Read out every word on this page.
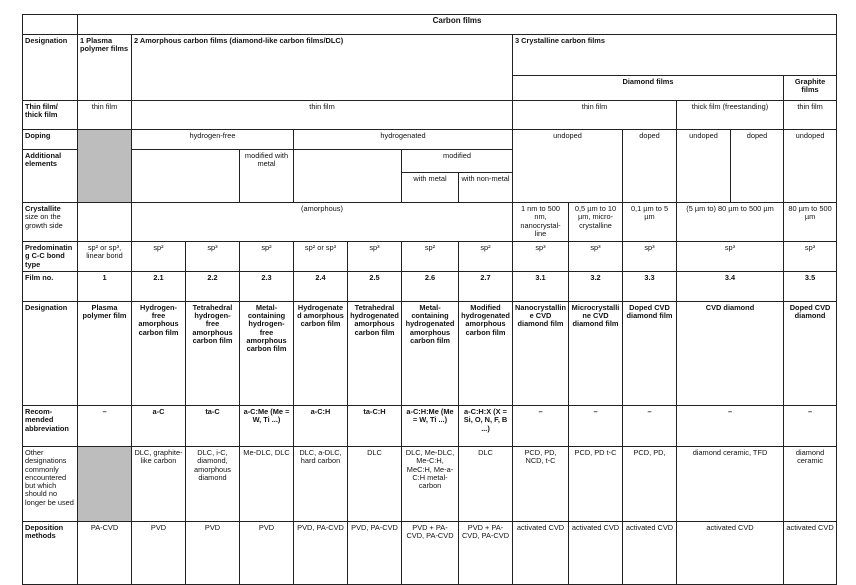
	Carbon films														
Designation	1 Plasma polymer films	2 Amorphous carbon films (diamond-like carbon films/DLC)							3 Crystalline carbon films						
									Diamond films					Graphite films	
Thin film/ thick film	thin film	thin film							thin film			thick film (freestanding)		thin film	
Doping		hydrogen-free			hydrogenated				undoped		doped	undoped	doped	undoped	
Additional elements				modified with metal			modified								
							with metal	with non-metal							
Crystallite size on the growth side		(amorphous)							1 nm to 500 nm, nanocrystal-line	0,5 µm to 10 µm, micro-crystalline	0,1 µm to 5 µm	(5 µm to) 80 µm to 500 µm		80 µm to 500 µm	
Predominating C-C bond type	sp² or sp³, linear bond	sp²	sp³	sp²	sp² or sp³	sp³	sp²	sp²	sp³	sp³	sp³	sp³		sp³	
Film no.	1	2.1	2.2	2.3	2.4	2.5	2.6	2.7	3.1	3.2	3.3	3.4		3.5	
Designation	Plasma polymer film	Hydrogen-free amorphous carbon film	Tetrahedral hydrogen-free amorphous carbon film	Metal-containing hydrogen-free amorphous carbon film	Hydrogenated amorphous carbon film	Tetrahedral hydrogenated amorphous carbon film	Metal-containing hydrogenated amorphous carbon film	Modified hydrogenated amorphous carbon film	Nanocrystalline CVD diamond film	Microcrystalline CVD diamond film	Doped CVD diamond film	CVD diamond		Doped CVD diamond	
Recom-mended abbreviation	–	a-C	ta-C	a-C:Me (Me = W, Ti ...)	a-C:H	ta-C:H	a-C:H:Me (Me = W, Ti ...)	a-C:H:X (X = Si, O, N, F, B ...)	–	–	–	–		–	
Other designations commonly encountered but which should no longer be used		DLC, graphite-like carbon	DLC, i-C, diamond, amorphous diamond	Me-DLC, DLC	DLC, a-DLC, hard carbon	DLC	DLC, Me-DLC, Me-C:H, MeC:H, Me-a-C:H metal-carbon	DLC	PCD, PD, NCD, t-C	PCD, PD t-C	PCD, PD,	diamond ceramic, TFD		diamond ceramic	
Deposition methods	PA-CVD	PVD	PVD	PVD	PVD, PA-CVD	PVD, PA-CVD	PVD + PA-CVD, PA-CVD	PVD + PA-CVD, PA-CVD	activated CVD	activated CVD	activated CVD	activated CVD		activated CVD	
